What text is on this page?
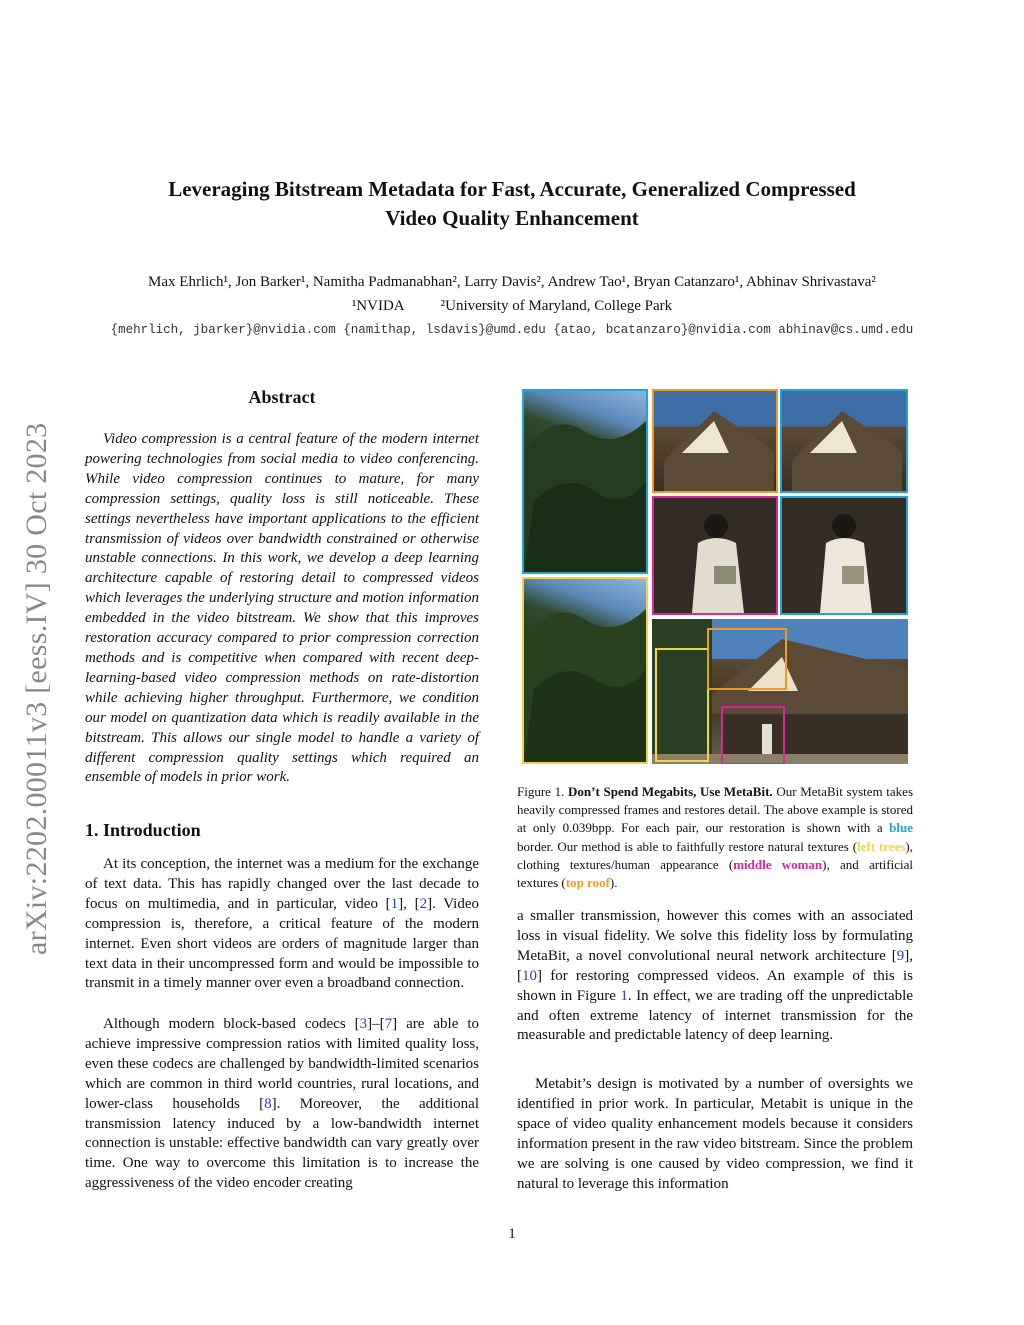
Leveraging Bitstream Metadata for Fast, Accurate, Generalized Compressed
Video Quality Enhancement
Max Ehrlich¹, Jon Barker¹, Namitha Padmanabhan², Larry Davis², Andrew Tao¹, Bryan Catanzaro¹, Abhinav Shrivastava²
¹NVIDA ²University of Maryland, College Park
{mehrlich, jbarker}@nvidia.com {namithap, lsdavis}@umd.edu {atao, bcatanzaro}@nvidia.com abhinav@cs.umd.edu
arXiv:2202.00011v3 [eess.IV] 30 Oct 2023
Abstract

Video compression is a central feature of the modern internet powering technologies from social media to video conferencing. While video compression continues to mature, for many compression settings, quality loss is still noticeable. These settings nevertheless have important applications to the efficient transmission of videos over bandwidth constrained or otherwise unstable connections. In this work, we develop a deep learning architecture capable of restoring detail to compressed videos which leverages the underlying structure and motion information embedded in the video bitstream. We show that this improves restoration accuracy compared to prior compression correction methods and is competitive when compared with recent deep-learning-based video compression methods on rate-distortion while achieving higher throughput. Furthermore, we condition our model on quantization data which is readily available in the bitstream. This allows our single model to handle a variety of different compression quality settings which required an ensemble of models in prior work.

1. Introduction

At its conception, the internet was a medium for the exchange of text data. This has rapidly changed over the last decade to focus on multimedia, and in particular, video [1], [2]. Video compression is, therefore, a critical feature of the modern internet. Even short videos are orders of magnitude larger than text data in their uncompressed form and would be impossible to transmit in a timely manner over even a broadband connection.

Although modern block-based codecs [3]–[7] are able to achieve impressive compression ratios with limited quality loss, even these codecs are challenged by bandwidth-limited scenarios which are common in third world countries, rural locations, and lower-class households [8]. Moreover, the additional transmission latency induced by a low-bandwidth internet connection is unstable: effective bandwidth can vary greatly over time. One way to overcome this limitation is to increase the aggressiveness of the video encoder creating

Figure 1. Don’t Spend Megabits, Use MetaBit. Our MetaBit system takes heavily compressed frames and restores detail. The above example is stored at only 0.039bpp. For each pair, our restoration is shown with a blue border. Our method is able to faithfully restore natural textures (left trees), clothing textures/human appearance (middle woman), and artificial textures (top roof).

a smaller transmission, however this comes with an associated loss in visual fidelity. We solve this fidelity loss by formulating MetaBit, a novel convolutional neural network architecture [9], [10] for restoring compressed videos. An example of this is shown in Figure 1. In effect, we are trading off the unpredictable and often extreme latency of internet transmission for the measurable and predictable latency of deep learning.

Metabit’s design is motivated by a number of oversights we identified in prior work. In particular, Metabit is unique in the space of video quality enhancement models because it considers information present in the raw video bitstream. Since the problem we are solving is one caused by video compression, we find it natural to leverage this information

1
